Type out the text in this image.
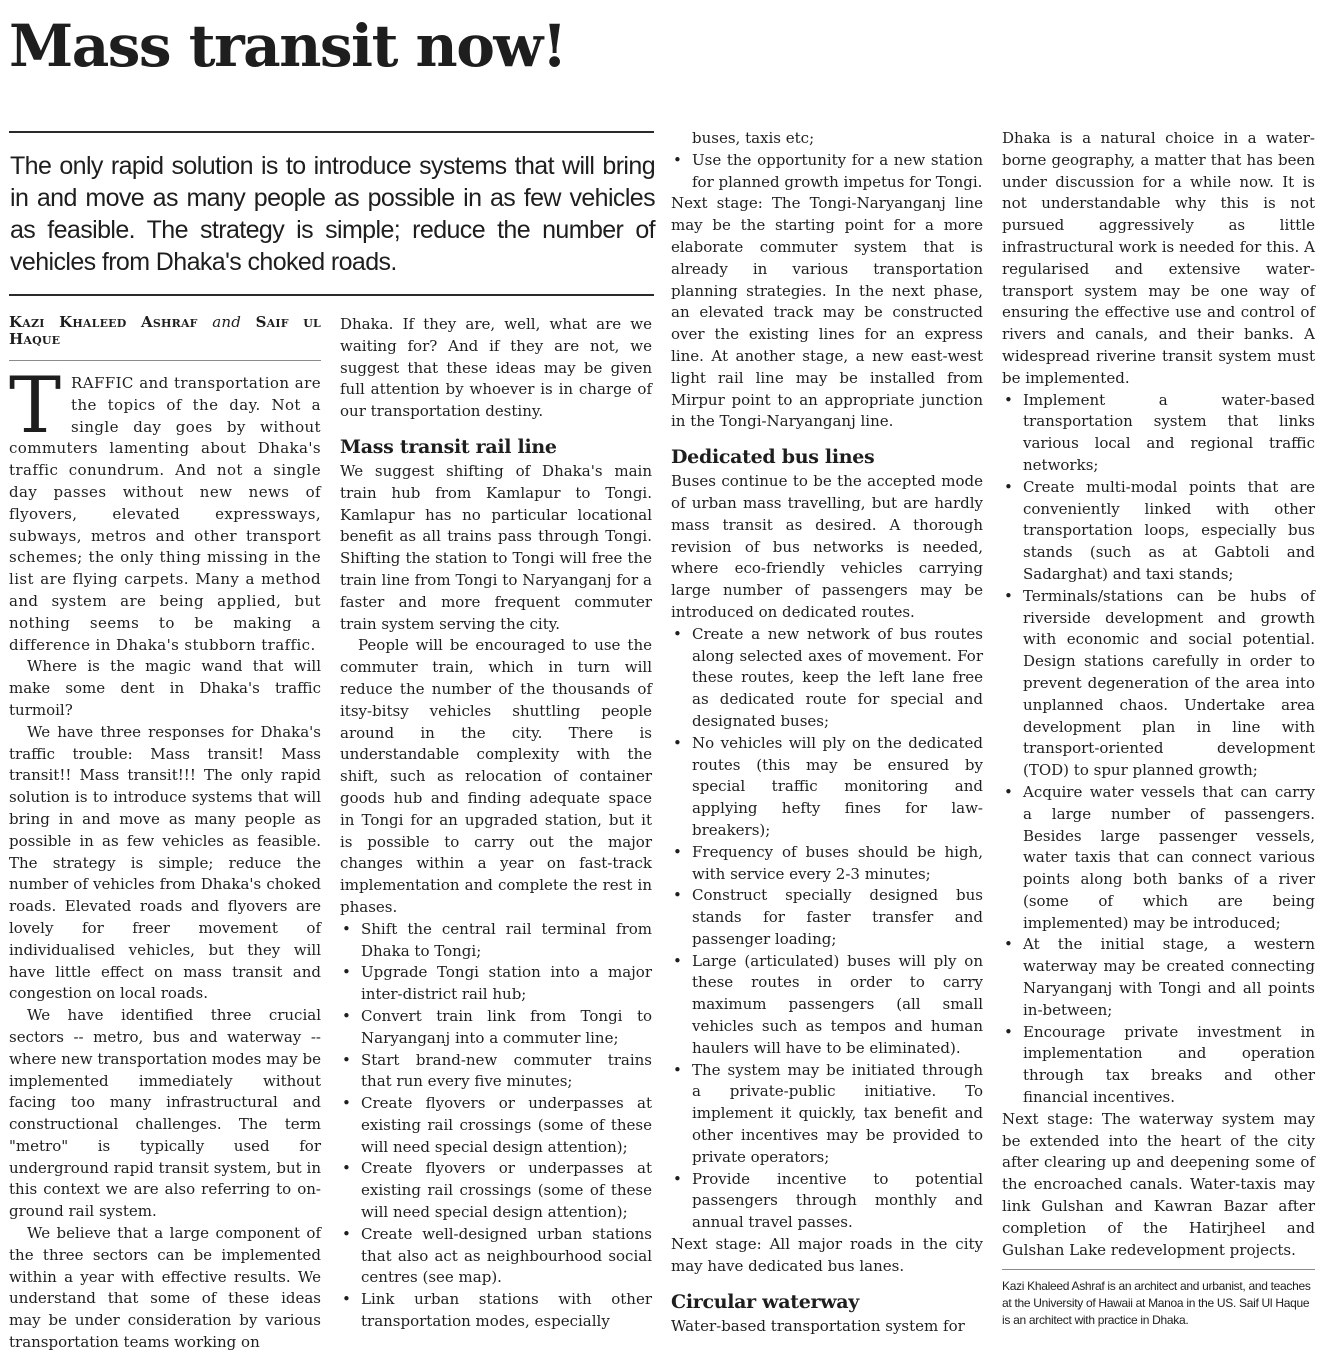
Mass transit now!

The only rapid solution is to introduce systems that will bring in and move as many people as possible in as few vehicles as feasible. The strategy is simple; reduce the number of vehicles from Dhaka's choked roads.

Kazi Khaleed Ashraf and Saif ul Haque

TRAFFIC and transportation are the topics of the day. Not a single day goes by without commuters lamenting about Dhaka's traffic conundrum. And not a single day passes without new news of flyovers, elevated expressways, subways, metros and other transport schemes; the only thing missing in the list are flying carpets. Many a method and system are being applied, but nothing seems to be making a difference in Dhaka's stubborn traffic.

Where is the magic wand that will make some dent in Dhaka's traffic turmoil?

We have three responses for Dhaka's traffic trouble: Mass transit! Mass transit!! Mass transit!!! The only rapid solution is to introduce systems that will bring in and move as many people as possible in as few vehicles as feasible. The strategy is simple; reduce the number of vehicles from Dhaka's choked roads. Elevated roads and flyovers are lovely for freer movement of individualised vehicles, but they will have little effect on mass transit and congestion on local roads.

We have identified three crucial sectors -- metro, bus and waterway -- where new transportation modes may be implemented immediately without facing too many infrastructural and constructional challenges. The term "metro" is typically used for underground rapid transit system, but in this context we are also referring to on-ground rail system.

We believe that a large component of the three sectors can be implemented within a year with effective results. We understand that some of these ideas may be under consideration by various transportation teams working on

Dhaka. If they are, well, what are we waiting for? And if they are not, we suggest that these ideas may be given full attention by whoever is in charge of our transportation destiny.

Mass transit rail line

We suggest shifting of Dhaka's main train hub from Kamlapur to Tongi. Kamlapur has no particular locational benefit as all trains pass through Tongi. Shifting the station to Tongi will free the train line from Tongi to Naryanganj for a faster and more frequent commuter train system serving the city.

People will be encouraged to use the commuter train, which in turn will reduce the number of the thousands of itsy-bitsy vehicles shuttling people around in the city. There is understandable complexity with the shift, such as relocation of container goods hub and finding adequate space in Tongi for an upgraded station, but it is possible to carry out the major changes within a year on fast-track implementation and complete the rest in phases.

• Shift the central rail terminal from Dhaka to Tongi;
• Upgrade Tongi station into a major inter-district rail hub;
• Convert train link from Tongi to Naryanganj into a commuter line;
• Start brand-new commuter trains that run every five minutes;
• Create flyovers or underpasses at existing rail crossings (some of these will need special design attention);
• Create flyovers or underpasses at existing rail crossings (some of these will need special design attention);
• Create well-designed urban stations that also act as neighbourhood social centres (see map).
• Link urban stations with other transportation modes, especially

buses, taxis etc;

• Use the opportunity for a new station for planned growth impetus for Tongi.

Next stage: The Tongi-Naryanganj line may be the starting point for a more elaborate commuter system that is already in various transportation planning strategies. In the next phase, an elevated track may be constructed over the existing lines for an express line. At another stage, a new east-west light rail line may be installed from Mirpur point to an appropriate junction in the Tongi-Naryanganj line.

Dedicated bus lines

Buses continue to be the accepted mode of urban mass travelling, but are hardly mass transit as desired. A thorough revision of bus networks is needed, where eco-friendly vehicles carrying large number of passengers may be introduced on dedicated routes.

• Create a new network of bus routes along selected axes of movement. For these routes, keep the left lane free as dedicated route for special and designated buses;
• No vehicles will ply on the dedicated routes (this may be ensured by special traffic monitoring and applying hefty fines for law-breakers);
• Frequency of buses should be high, with service every 2-3 minutes;
• Construct specially designed bus stands for faster transfer and passenger loading;
• Large (articulated) buses will ply on these routes in order to carry maximum passengers (all small vehicles such as tempos and human haulers will have to be eliminated).
• The system may be initiated through a private-public initiative. To implement it quickly, tax benefit and other incentives may be provided to private operators;
• Provide incentive to potential passengers through monthly and annual travel passes.

Next stage: All major roads in the city may have dedicated bus lanes.

Circular waterway

Water-based transportation system for

Dhaka is a natural choice in a water-borne geography, a matter that has been under discussion for a while now. It is not understandable why this is not pursued aggressively as little infrastructural work is needed for this. A regularised and extensive water-transport system may be one way of ensuring the effective use and control of rivers and canals, and their banks. A widespread riverine transit system must be implemented.

• Implement a water-based transportation system that links various local and regional traffic networks;
• Create multi-modal points that are conveniently linked with other transportation loops, especially bus stands (such as at Gabtoli and Sadarghat) and taxi stands;
• Terminals/stations can be hubs of riverside development and growth with economic and social potential. Design stations carefully in order to prevent degeneration of the area into unplanned chaos. Undertake area development plan in line with transport-oriented development (TOD) to spur planned growth;
• Acquire water vessels that can carry a large number of passengers. Besides large passenger vessels, water taxis that can connect various points along both banks of a river (some of which are being implemented) may be introduced;
• At the initial stage, a western waterway may be created connecting Naryanganj with Tongi and all points in-between;
• Encourage private investment in implementation and operation through tax breaks and other financial incentives.

Next stage: The waterway system may be extended into the heart of the city after clearing up and deepening some of the encroached canals. Water-taxis may link Gulshan and Kawran Bazar after completion of the Hatirjheel and Gulshan Lake redevelopment projects.

Kazi Khaleed Ashraf is an architect and urbanist, and teaches at the University of Hawaii at Manoa in the US. Saif Ul Haque is an architect with practice in Dhaka.
